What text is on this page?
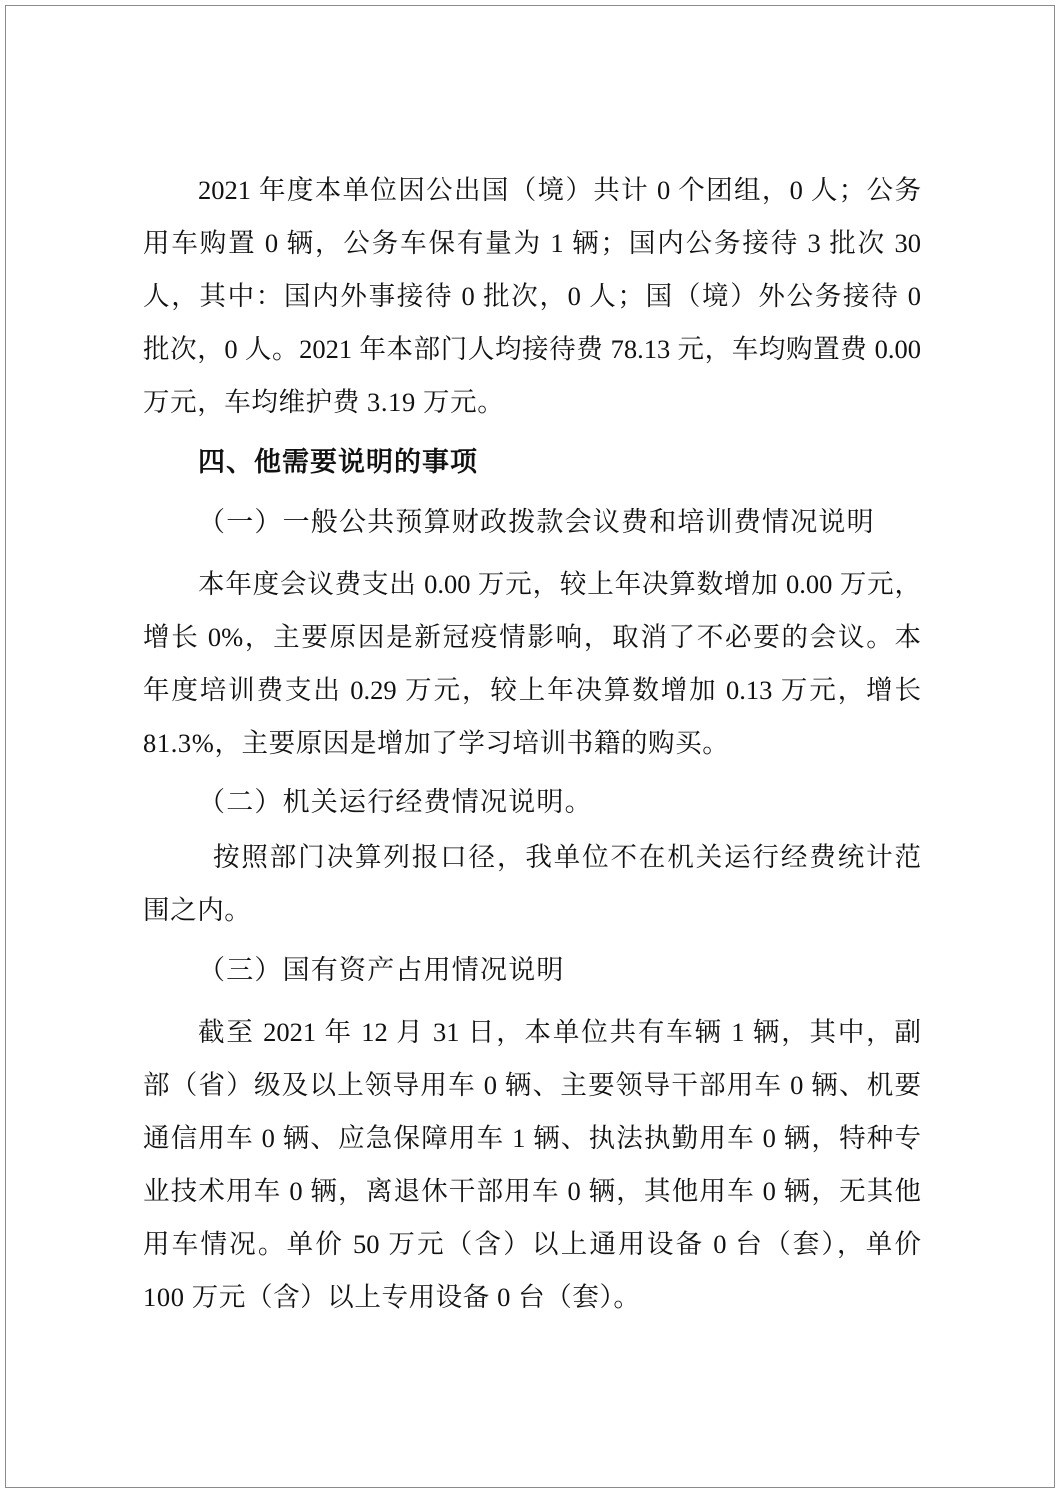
2021 年度本单位因公出国（境）共计 0 个团组，0 人；公务
用车购置 0 辆，公务车保有量为 1 辆；国内公务接待 3 批次 30
人，其中：国内外事接待 0 批次，0 人；国（境）外公务接待 0
批次，0 人。2021 年本部门人均接待费 78.13 元，车均购置费 0.00
万元，车均维护费 3.19 万元。
四、他需要说明的事项
（一）一般公共预算财政拨款会议费和培训费情况说明
本年度会议费支出 0.00 万元，较上年决算数增加 0.00 万元，
增长 0%，主要原因是新冠疫情影响，取消了不必要的会议。本
年度培训费支出 0.29 万元，较上年决算数增加 0.13 万元，增长
81.3%，主要原因是增加了学习培训书籍的购买。
（二）机关运行经费情况说明。
按照部门决算列报口径，我单位不在机关运行经费统计范
围之内。
（三）国有资产占用情况说明
截至 2021 年 12 月 31 日，本单位共有车辆 1 辆，其中，副
部（省）级及以上领导用车 0 辆、主要领导干部用车 0 辆、机要
通信用车 0 辆、应急保障用车 1 辆、执法执勤用车 0 辆，特种专
业技术用车 0 辆，离退休干部用车 0 辆，其他用车 0 辆，无其他
用车情况。单价 50 万元（含）以上通用设备 0 台（套），单价
100 万元（含）以上专用设备 0 台（套）。
